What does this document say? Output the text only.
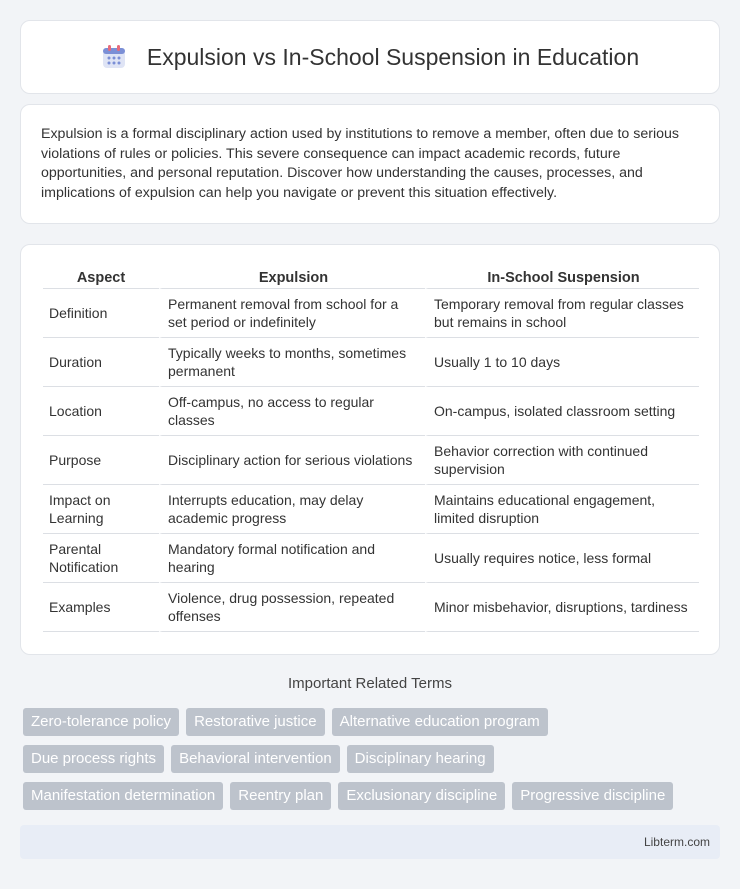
Expulsion vs In-School Suspension in Education

Expulsion is a formal disciplinary action used by institutions to remove a member, often due to serious violations of rules or policies. This severe consequence can impact academic records, future opportunities, and personal reputation. Discover how understanding the causes, processes, and implications of expulsion can help you navigate or prevent this situation effectively.

Aspect	Expulsion	In-School Suspension
Definition	Permanent removal from school for a set period or indefinitely	Temporary removal from regular classes but remains in school
Duration	Typically weeks to months, sometimes permanent	Usually 1 to 10 days
Location	Off-campus, no access to regular classes	On-campus, isolated classroom setting
Purpose	Disciplinary action for serious violations	Behavior correction with continued supervision
Impact on Learning	Interrupts education, may delay academic progress	Maintains educational engagement, limited disruption
Parental Notification	Mandatory formal notification and hearing	Usually requires notice, less formal
Examples	Violence, drug possession, repeated offenses	Minor misbehavior, disruptions, tardiness
Important Related Terms
Zero-tolerance policy	Restorative justice	Alternative education program
Due process rights	Behavioral intervention	Disciplinary hearing
Manifestation determination	Reentry plan	Exclusionary discipline	Progressive discipline
Libterm.com
